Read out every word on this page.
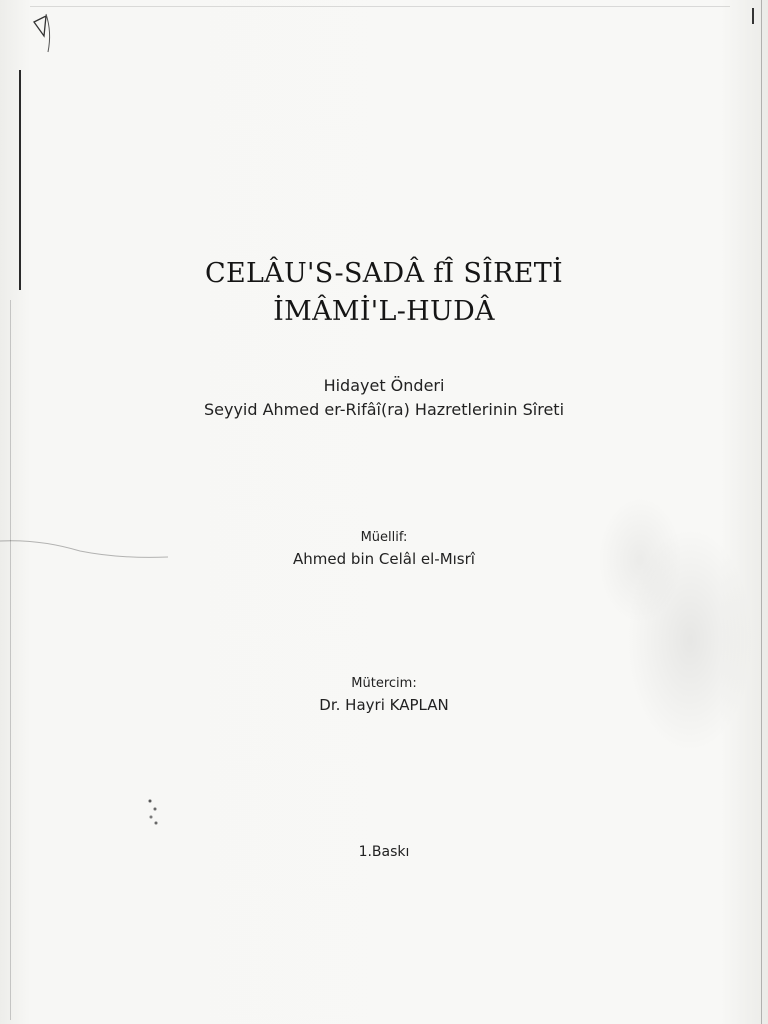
CELÂU'S-SADÂ fÎ SÎRETİ
İMÂMİ'L-HUDÂ
Hidayet Önderi
Seyyid Ahmed er-Rifâî(ra) Hazretlerinin Sîreti
Müellif:
Ahmed bin Celâl el-Mısrî
Mütercim:
Dr. Hayri KAPLAN
1.Baskı
